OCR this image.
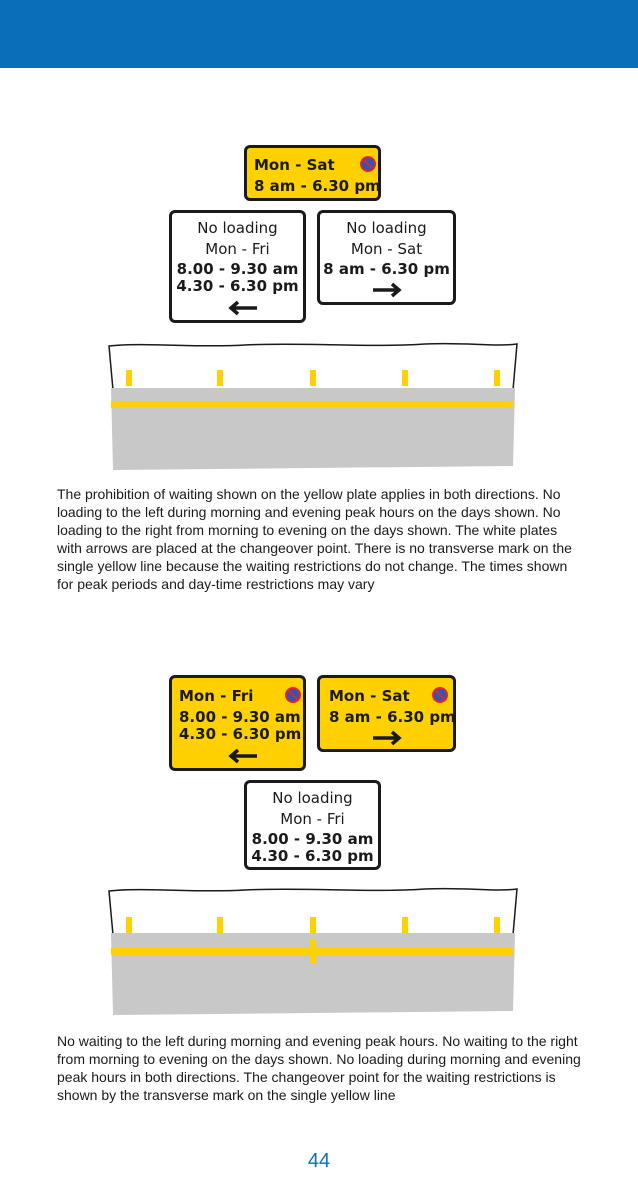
Mon - Sat
8 am - 6.30 pm
No loading
Mon - Fri
8.00 - 9.30 am
4.30 - 6.30 pm
No loading
Mon - Sat
8 am - 6.30 pm

The prohibition of waiting shown on the yellow plate applies in both directions. No loading to the left during morning and evening peak hours on the days shown. No loading to the right from morning to evening on the days shown. The white plates with arrows are placed at the changeover point. There is no transverse mark on the single yellow line because the waiting restrictions do not change. The times shown for peak periods and day-time restrictions may vary

Mon - Fri
8.00 - 9.30 am
4.30 - 6.30 pm
Mon - Sat
8 am - 6.30 pm
No loading
Mon - Fri
8.00 - 9.30 am
4.30 - 6.30 pm

No waiting to the left during morning and evening peak hours. No waiting to the right from morning to evening on the days shown. No loading during morning and evening peak hours in both directions. The changeover point for the waiting restrictions is shown by the transverse mark on the single yellow line

44
